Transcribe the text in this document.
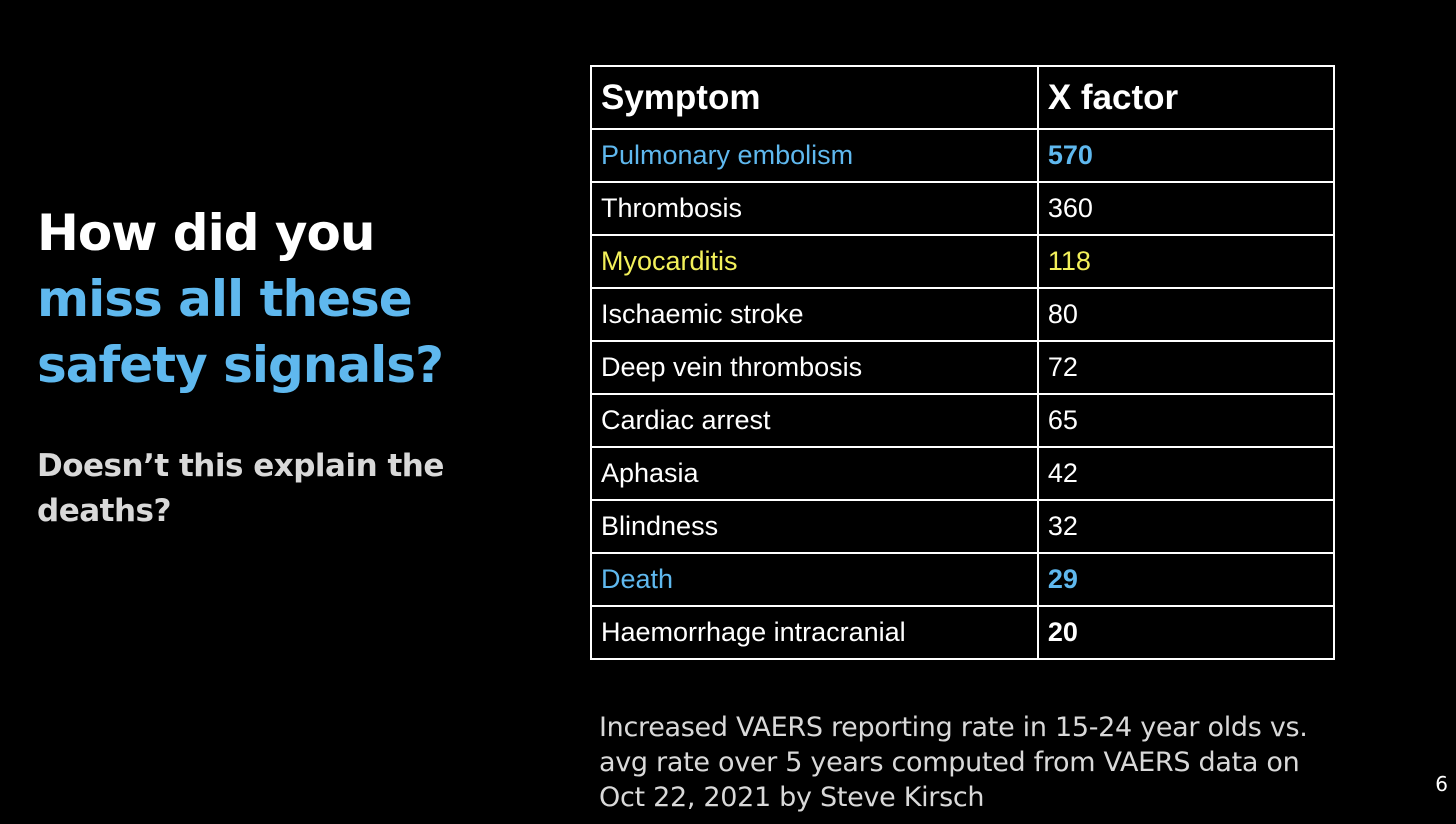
How did you
miss all these
safety signals?

Doesn’t this explain the deaths?

Symptom	X factor
Pulmonary embolism	570
Thrombosis	360
Myocarditis	118
Ischaemic stroke	80
Deep vein thrombosis	72
Cardiac arrest	65
Aphasia	42
Blindness	32
Death	29
Haemorrhage intracranial	20

Increased VAERS reporting rate in 15-24 year olds vs. avg rate over 5 years computed from VAERS data on Oct 22, 2021 by Steve Kirsch	6
